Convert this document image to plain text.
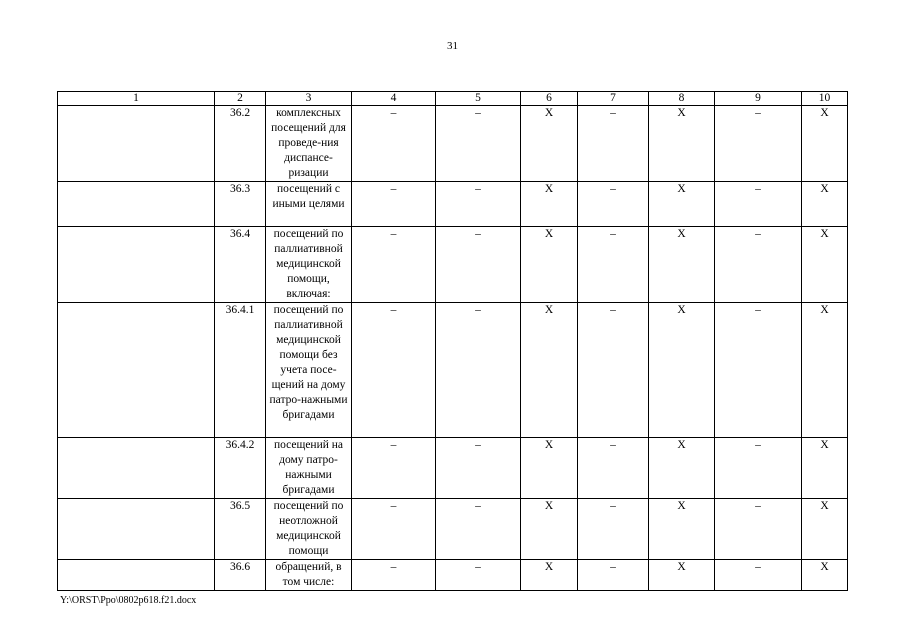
31
1	2	3	4	5	6	7	8	9	10
	36.2	комплексных посещений для проведе-ния диспансе-ризации	–	–	X	–	X	–	X
	36.3	посещений с иными целями	–	–	X	–	X	–	X
	36.4	посещений по паллиативной медицинской помощи, включая:	–	–	X	–	X	–	X
	36.4.1	посещений по паллиативной медицинской помощи без учета посе-щений на дому патро-нажными бригадами	–	–	X	–	X	–	X
	36.4.2	посещений на дому патро-нажными бригадами	–	–	X	–	X	–	X
	36.5	посещений по неотложной медицинской помощи	–	–	X	–	X	–	X
	36.6	обращений, в том числе:	–	–	X	–	X	–	X
Y:\ORST\Ppo\0802p618.f21.docx
